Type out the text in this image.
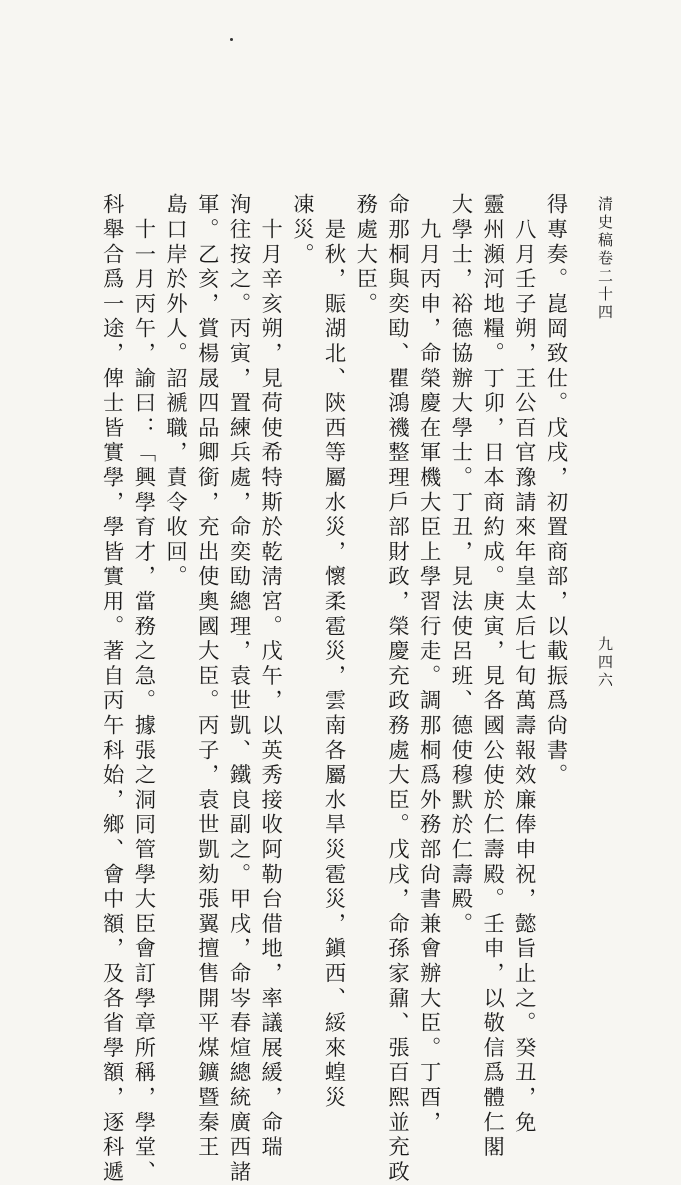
清史稿卷二十四
九四六
得專奏。崑岡致仕。戊戌，初置商部，以載振爲尙書。
　八月壬子朔，王公百官豫請來年皇太后七旬萬壽報效廉俸申祝，懿旨止之。癸丑，免
靈州瀕河地糧。丁卯，日本商約成。庚寅，見各國公使於仁壽殿。壬申，以敬信爲體仁閣
大學士，裕德協辦大學士。丁丑，見法使呂班、德使穆默於仁壽殿。
　九月丙申，命榮慶在軍機大臣上學習行走。調那桐爲外務部尙書兼會辦大臣。丁酉，
命那桐與奕劻、瞿鴻禨整理戶部財政，榮慶充政務處大臣。戊戌，命孫家鼐、張百熙並充政
務處大臣。
　是秋，賑湖北、陝西等屬水災，懷柔雹災，雲南各屬水旱災雹災，鎭西、綏來蝗災
凍災。
　十月辛亥朔，見荷使希特斯於乾淸宮。戊午，以英秀接收阿勒台借地，率議展緩，命瑞
洵往按之。丙寅，置練兵處，命奕劻總理，袁世凱、鐵良副之。甲戌，命岑春煊總統廣西諸
軍。乙亥，賞楊晟四品卿銜，充出使奧國大臣。丙子，袁世凱劾張翼擅售開平煤鑛暨秦王
島口岸於外人。詔褫職，責令收回。
　十一月丙午，諭曰：「興學育才，當務之急。據張之洞同管學大臣會訂學章所稱，學堂、
科舉合爲一途，俾士皆實學，學皆實用。著自丙午科始，鄉、會中額，及各省學額，逐科遞
